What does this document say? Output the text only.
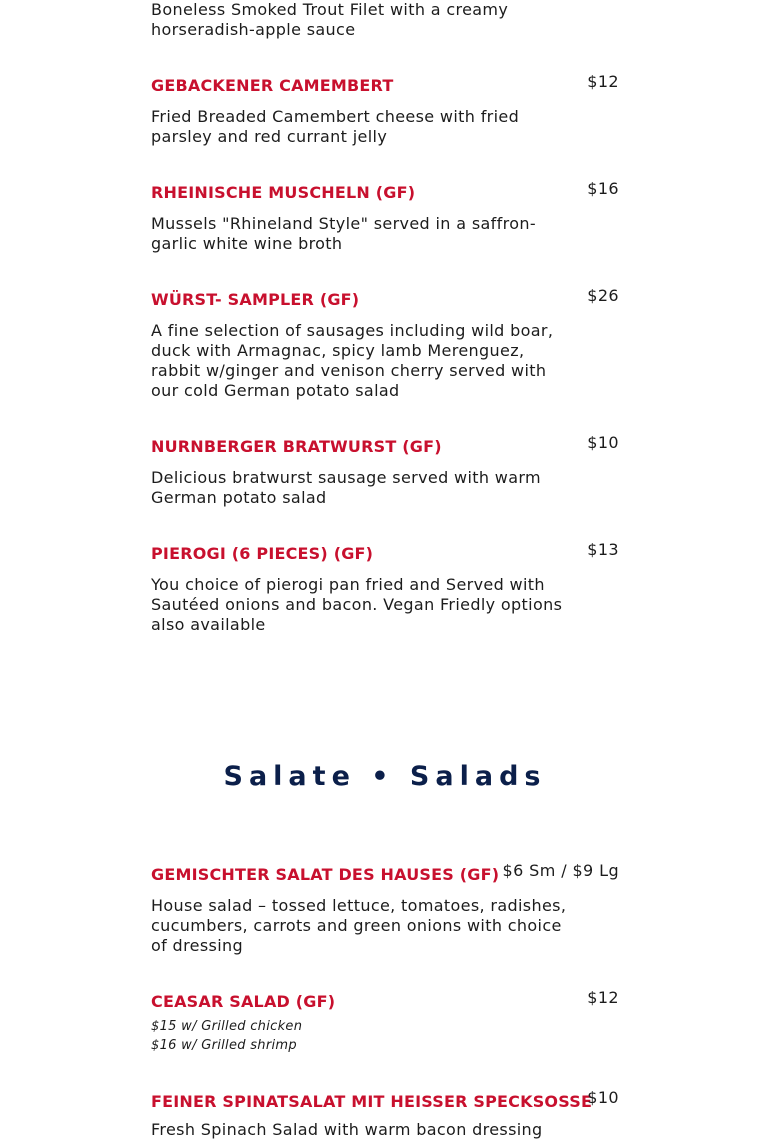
Boneless Smoked Trout Filet with a creamy
horseradish-apple sauce
GEBACKENER CAMEMBERT	$12
Fried Breaded Camembert cheese with fried
parsley and red currant jelly
RHEINISCHE MUSCHELN (GF)	$16
Mussels "Rhineland Style" served in a saffron-
garlic white wine broth
WÜRST- SAMPLER (GF)	$26
A fine selection of sausages including wild boar,
duck with Armagnac, spicy lamb Merenguez,
rabbit w/ginger and venison cherry served with
our cold German potato salad
NURNBERGER BRATWURST (GF)	$10
Delicious bratwurst sausage served with warm
German potato salad
PIEROGI (6 PIECES) (GF)	$13
You choice of pierogi pan fried and Served with
Sautéed onions and bacon. Vegan Friedly options
also available
Salate • Salads
GEMISCHTER SALAT DES HAUSES (GF) $6 Sm / $9 Lg
House salad – tossed lettuce, tomatoes, radishes,
cucumbers, carrots and green onions with choice
of dressing
CEASAR SALAD (GF)	$12
$15 w/ Grilled chicken
$16 w/ Grilled shrimp
FEINER SPINATSALAT MIT HEISSER SPECKSOSSE
$10
Fresh Spinach Salad with warm bacon dressing
